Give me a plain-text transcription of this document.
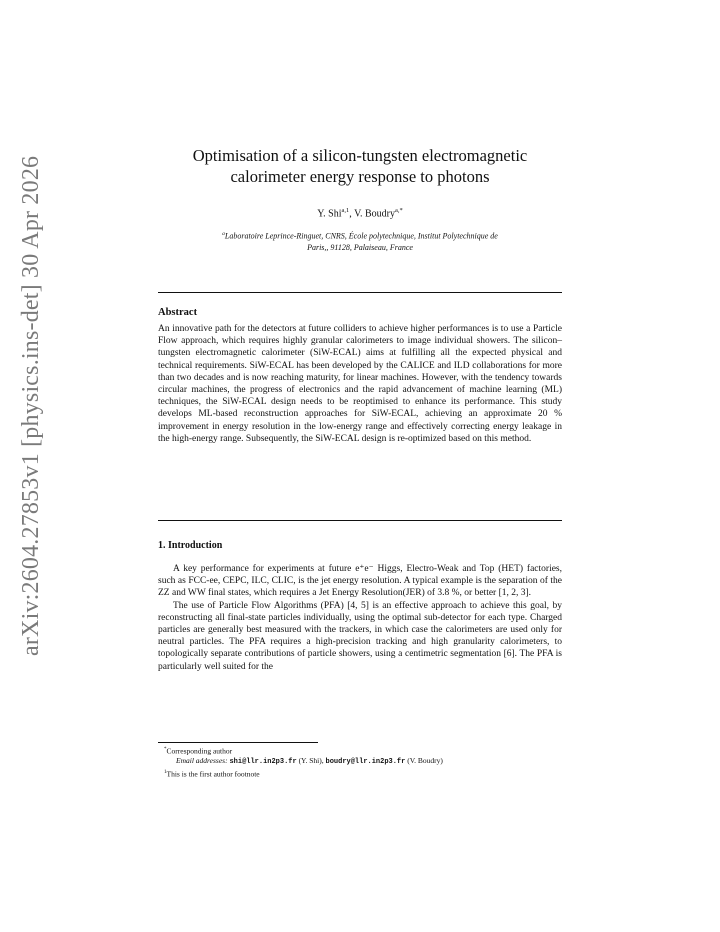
arXiv:2604.27853v1 [physics.ins-det] 30 Apr 2026
Optimisation of a silicon-tungsten electromagnetic
calorimeter energy response to photons
Y. Shi$^{a,1}$, V. Boudry$^{a,*}$
$^a$Laboratoire Leprince-Ringuet, CNRS, École polytechnique, Institut Polytechnique de
Paris,, 91128, Palaiseau, France
Abstract

An innovative path for the detectors at future colliders to achieve higher performances is to use a Particle Flow approach, which requires highly granular calorimeters to image individual showers. The silicon–tungsten electromagnetic calorimeter (SiW-ECAL) aims at fulfilling all the expected physical and technical requirements. SiW-ECAL has been developed by the CALICE and ILD collaborations for more than two decades and is now reaching maturity, for linear machines. However, with the tendency towards circular machines, the progress of electronics and the rapid advancement of machine learning (ML) techniques, the SiW-ECAL design needs to be reoptimised to enhance its performance. This study develops ML-based reconstruction approaches for SiW-ECAL, achieving an approximate 20 % improvement in energy resolution in the low-energy range and effectively correcting energy leakage in the high-energy range. Subsequently, the SiW-ECAL design is re-optimized based on this method.

1. Introduction

A key performance for experiments at future e⁺e⁻ Higgs, Electro-Weak and Top (HET) factories, such as FCC-ee, CEPC, ILC, CLIC, is the jet energy resolution. A typical example is the separation of the ZZ and WW final states, which requires a Jet Energy Resolution(JER) of 3.8 %, or better [1, 2, 3].

The use of Particle Flow Algorithms (PFA) [4, 5] is an effective approach to achieve this goal, by reconstructing all final-state particles individually, using the optimal sub-detector for each type. Charged particles are generally best measured with the trackers, in which case the calorimeters are used only for neutral particles. The PFA requires a high-precision tracking and high granularity calorimeters, to topologically separate contributions of particle showers, using a centimetric segmentation [6]. The PFA is particularly well suited for the

*Corresponding author

Email addresses: shi@llr.in2p3.fr (Y. Shi), boudry@llr.in2p3.fr (V. Boudry)

$^1$This is the first author footnote
